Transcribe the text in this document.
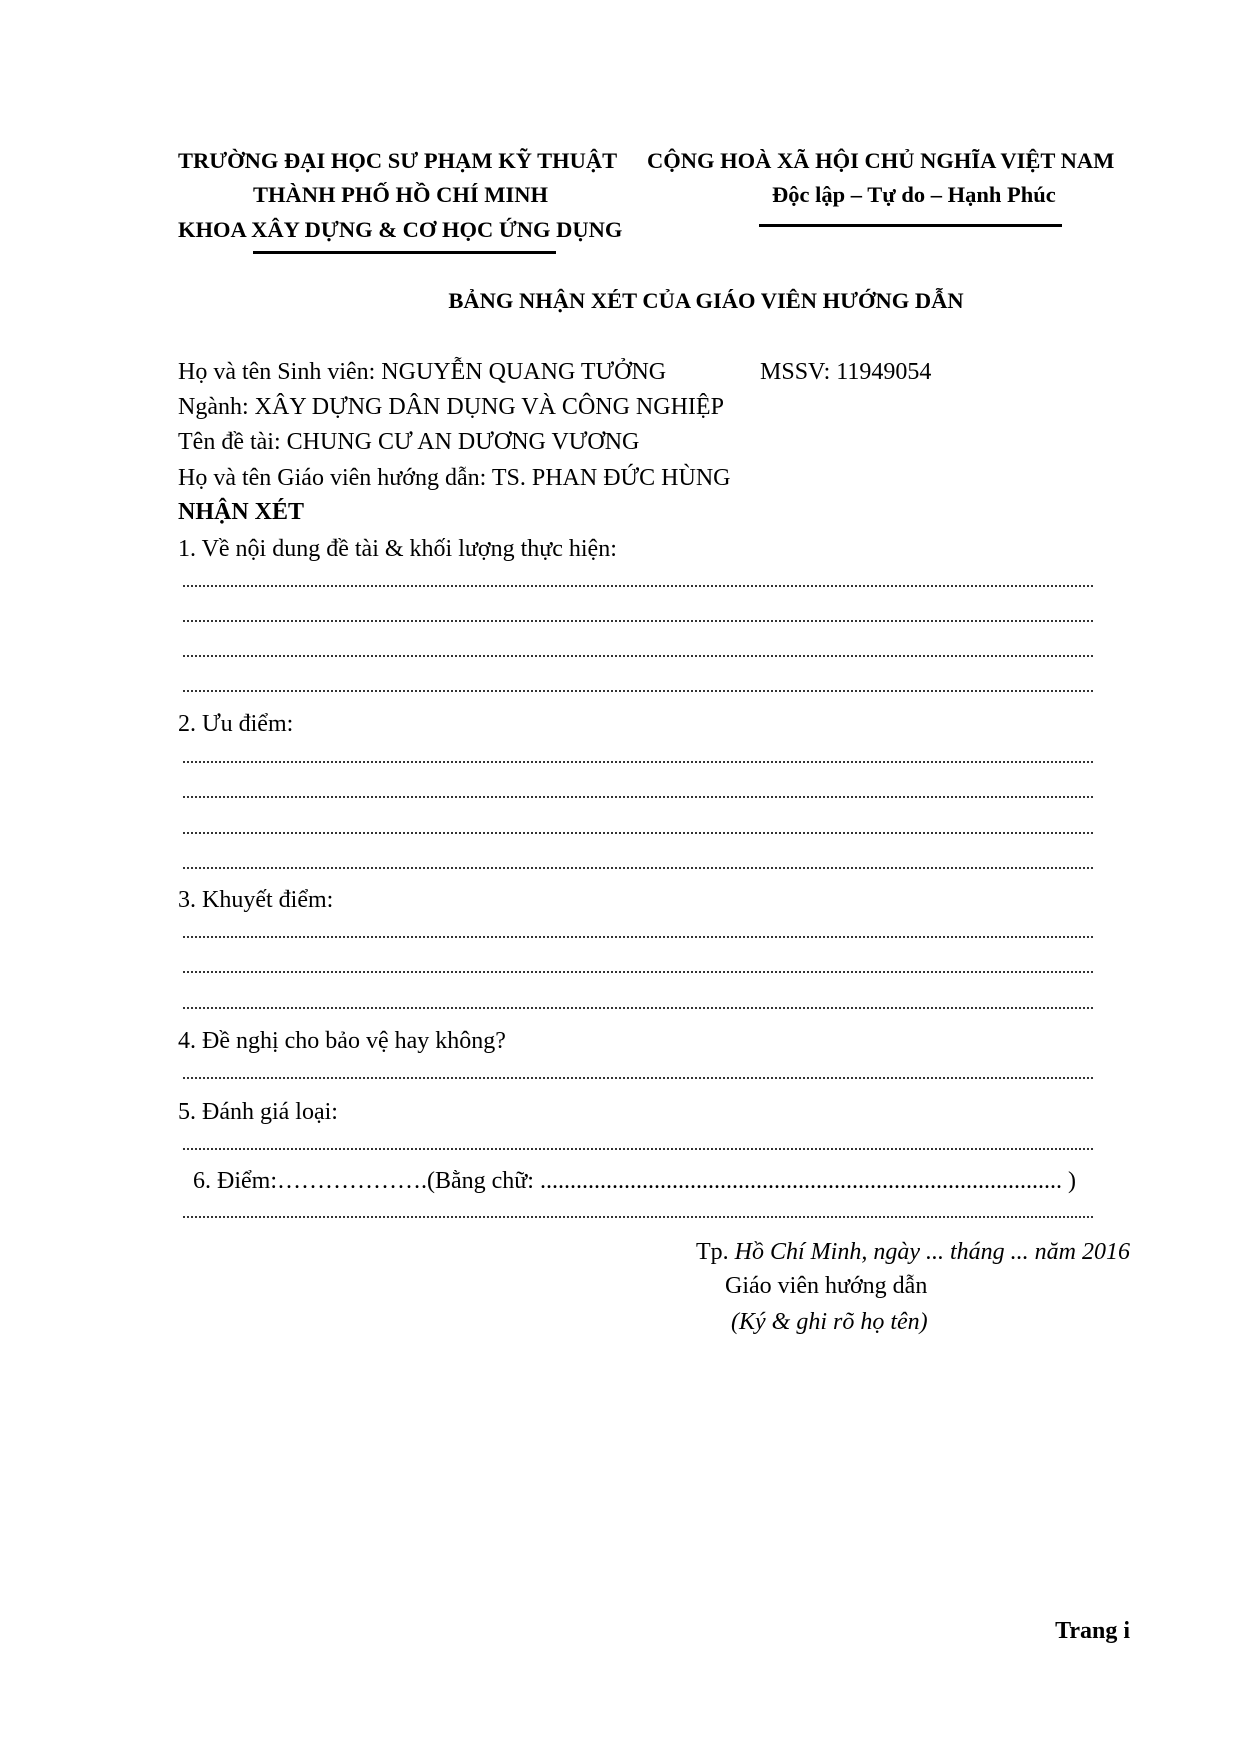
TRƯỜNG ĐẠI HỌC SƯ PHẠM KỸ THUẬT
THÀNH PHỐ HỒ CHÍ MINH
KHOA XÂY DỰNG & CƠ HỌC ỨNG DỤNG
CỘNG HOÀ XÃ HỘI CHỦ NGHĨA VIỆT NAM
Độc lập – Tự do – Hạnh Phúc
BẢNG NHẬN XÉT CỦA GIÁO VIÊN HƯỚNG DẪN
Họ và tên Sinh viên: NGUYỄN QUANG TƯỞNG	MSSV: 11949054
Ngành: XÂY DỰNG DÂN DỤNG VÀ CÔNG NGHIỆP
Tên đề tài: CHUNG CƯ AN DƯƠNG VƯƠNG
Họ và tên Giáo viên hướng dẫn: TS. PHAN ĐỨC HÙNG
NHẬN XÉT
1. Về nội dung đề tài & khối lượng thực hiện:
2. Ưu điểm:
3. Khuyết điểm:
4. Đề nghị cho bảo vệ hay không?
5. Đánh giá loại:
6. Điểm:……………….(Bằng chữ: ....................................................................................... )
Tp. Hồ Chí Minh, ngày ... tháng ... năm 2016
Giáo viên hướng dẫn
(Ký & ghi rõ họ tên)
Trang i
